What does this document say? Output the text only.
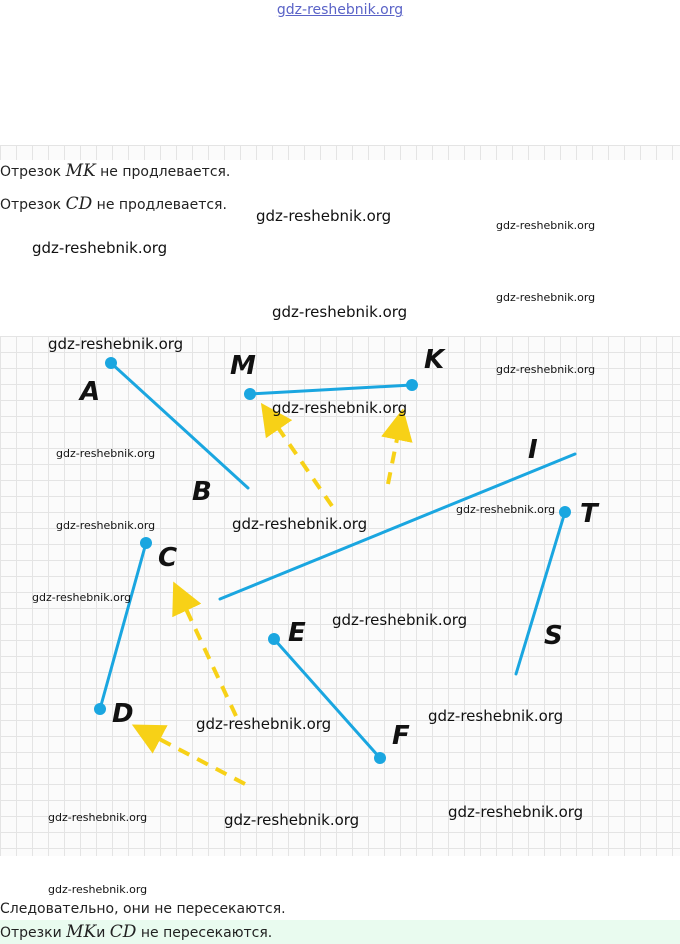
gdz-reshebnik.org
Отрезок MK не продлевается.
Отрезок CD не продлевается.
A
B
M	K
I
T
C
D
E
F
S
gdz-reshebnik.org
gdz-reshebnik.org
gdz-reshebnik.org
gdz-reshebnik.org
gdz-reshebnik.org
gdz-reshebnik.org
gdz-reshebnik.org
gdz-reshebnik.org
gdz-reshebnik.org
gdz-reshebnik.org
gdz-reshebnik.org
gdz-reshebnik.org
gdz-reshebnik.org
gdz-reshebnik.org
gdz-reshebnik.org
gdz-reshebnik.org
gdz-reshebnik.org
gdz-reshebnik.org	gdz-reshebnik.org
gdz-reshebnik.org
Следовательно, они не пересекаются.
Отрезки MKи CD не пересекаются.
